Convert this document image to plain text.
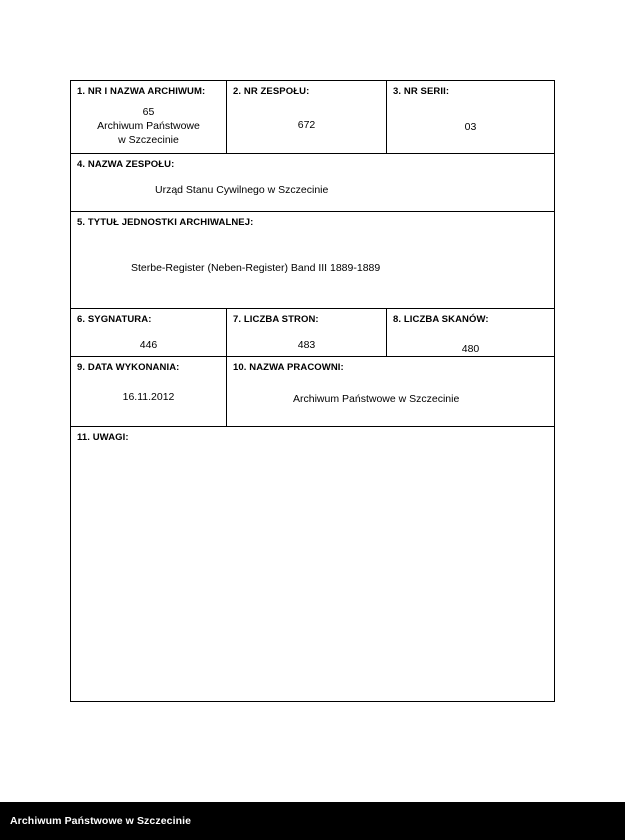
1. NR I NAZWA ARCHIWUM:
65
Archiwum Państwowe
w Szczecinie
2. NR ZESPOŁU:
672
3. NR SERII:
03
4. NAZWA ZESPOŁU:
Urząd Stanu Cywilnego w Szczecinie
5. TYTUŁ JEDNOSTKI ARCHIWALNEJ:
Sterbe-Register (Neben-Register) Band III 1889-1889
6. SYGNATURA:
446
7. LICZBA STRON:
483
8. LICZBA SKANÓW:
480
9. DATA WYKONANIA:
16.11.2012
10. NAZWA PRACOWNI:
Archiwum Państwowe w Szczecinie
11. UWAGI:
Archiwum Państwowe w Szczecinie
